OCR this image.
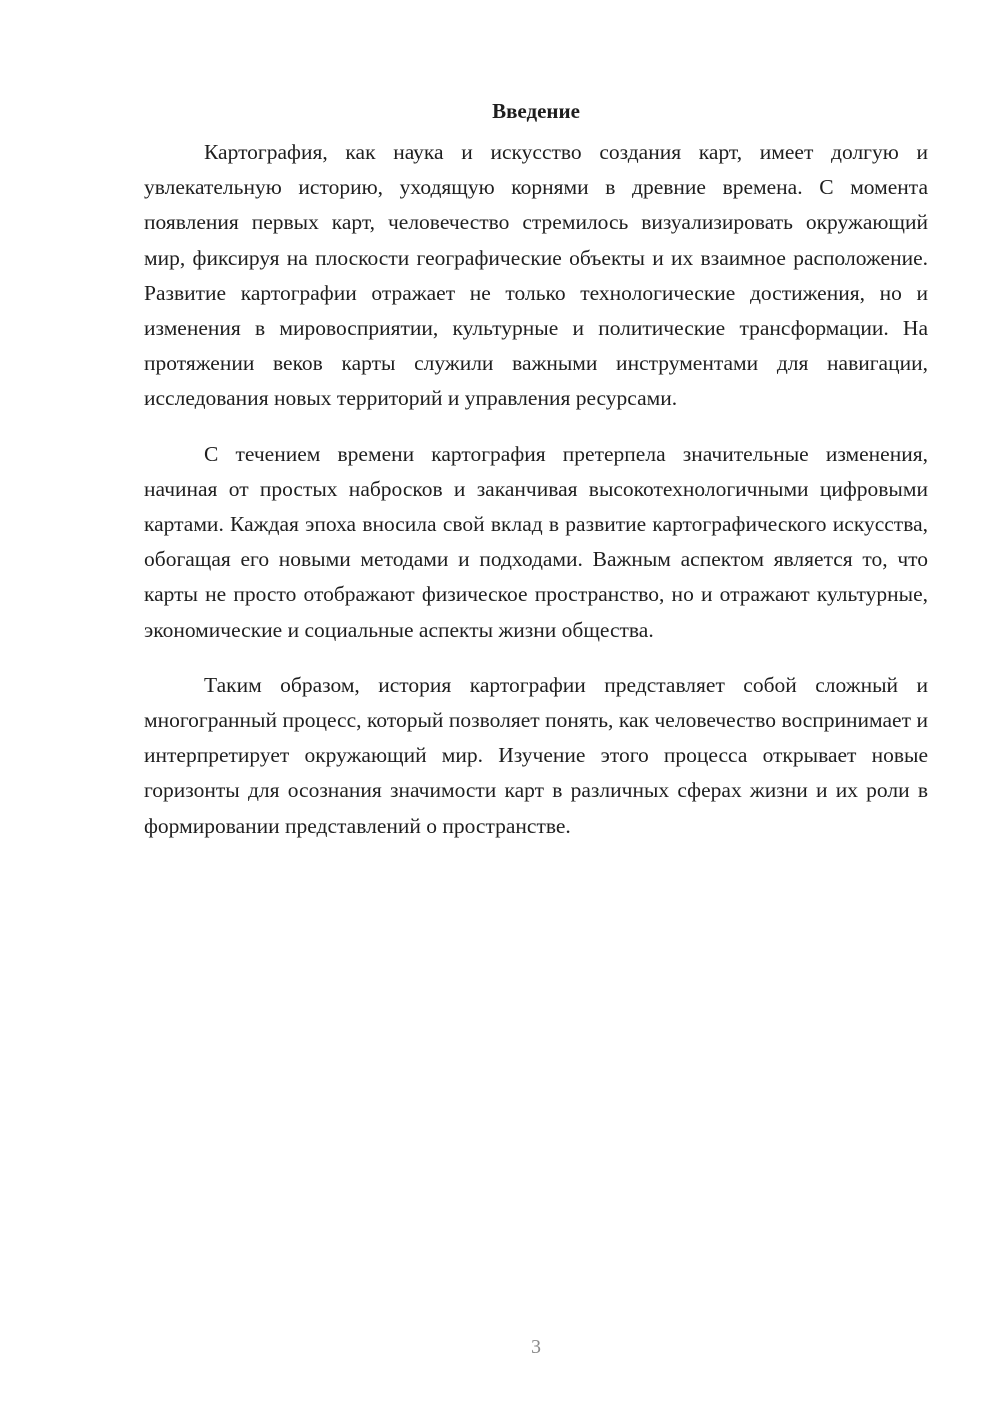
Введение

Картография, как наука и искусство создания карт, имеет долгую и увлекательную историю, уходящую корнями в древние времена. С момента появления первых карт, человечество стремилось визуализировать окружающий мир, фиксируя на плоскости географические объекты и их взаимное расположение. Развитие картографии отражает не только технологические достижения, но и изменения в мировосприятии, культурные и политические трансформации. На протяжении веков карты служили важными инструментами для навигации, исследования новых территорий и управления ресурсами.

С течением времени картография претерпела значительные изменения, начиная от простых набросков и заканчивая высокотехнологичными цифровыми картами. Каждая эпоха вносила свой вклад в развитие картографического искусства, обогащая его новыми методами и подходами. Важным аспектом является то, что карты не просто отображают физическое пространство, но и отражают культурные, экономические и социальные аспекты жизни общества.

Таким образом, история картографии представляет собой сложный и многогранный процесс, который позволяет понять, как человечество воспринимает и интерпретирует окружающий мир. Изучение этого процесса открывает новые горизонты для осознания значимости карт в различных сферах жизни и их роли в формировании представлений о пространстве.

3
